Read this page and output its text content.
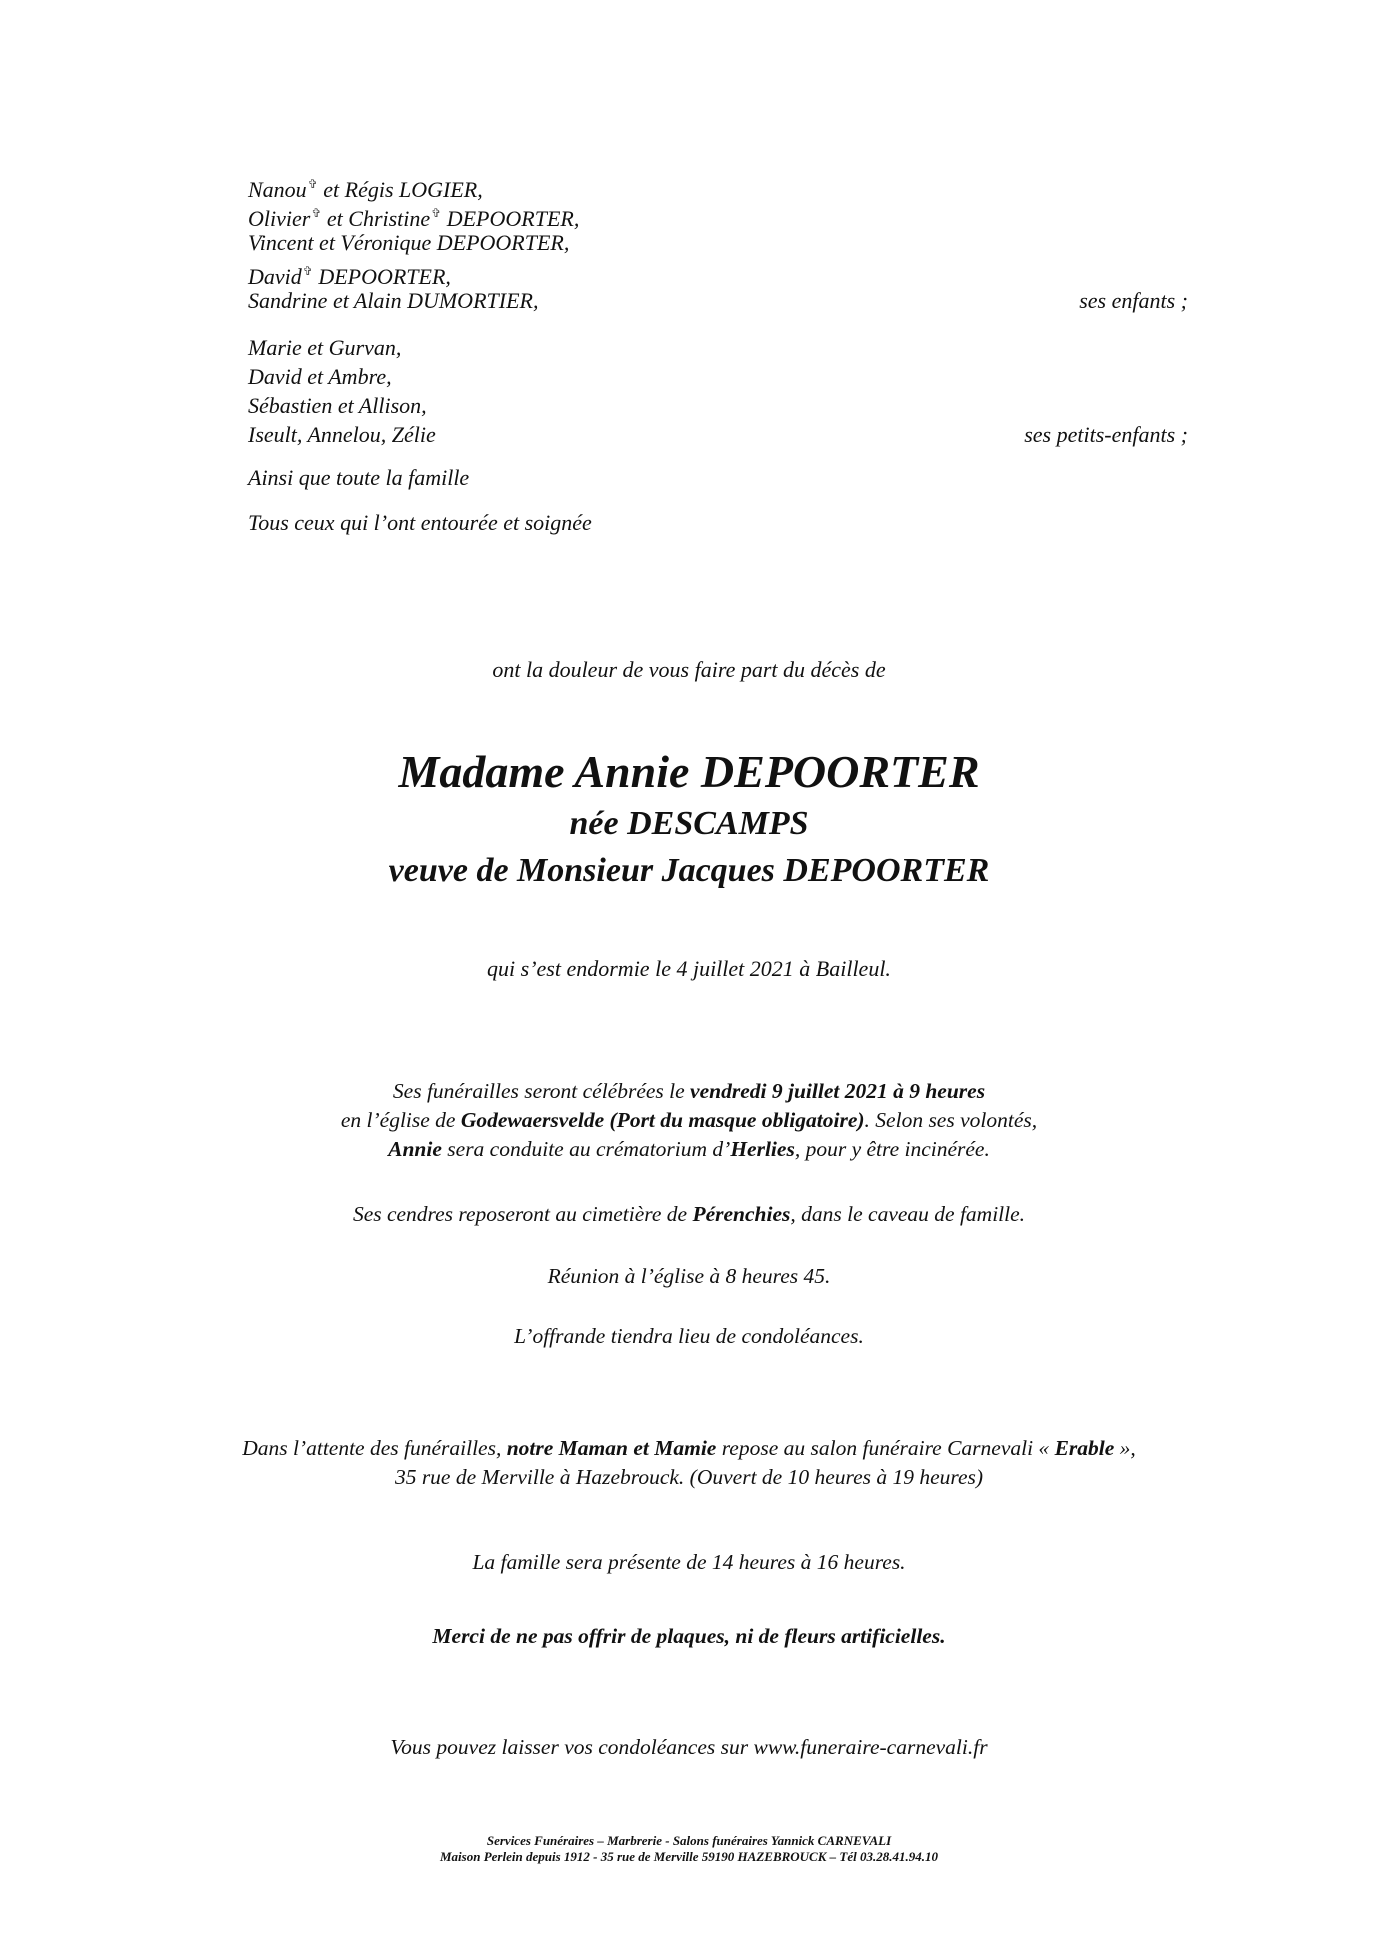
Nanou✞ et Régis LOGIER,
Olivier✞ et Christine✞ DEPOORTER,
Vincent et Véronique DEPOORTER,
David✞ DEPOORTER,
Sandrine et Alain DUMORTIER,	ses enfants ;
Marie et Gurvan,
David et Ambre,
Sébastien et Allison,
Iseult, Annelou, Zélie	ses petits-enfants ;
Ainsi que toute la famille
Tous ceux qui l’ont entourée et soignée
ont la douleur de vous faire part du décès de
Madame Annie DEPOORTER
née DESCAMPS
veuve de Monsieur Jacques DEPOORTER
qui s’est endormie le 4 juillet 2021 à Bailleul.
Ses funérailles seront célébrées le vendredi 9 juillet 2021 à 9 heures
en l’église de Godewaersvelde (Port du masque obligatoire). Selon ses volontés,
Annie sera conduite au crématorium d’Herlies, pour y être incinérée.
Ses cendres reposeront au cimetière de Pérenchies, dans le caveau de famille.
Réunion à l’église à 8 heures 45.
L’offrande tiendra lieu de condoléances.
Dans l’attente des funérailles, notre Maman et Mamie repose au salon funéraire Carnevali « Erable »,
35 rue de Merville à Hazebrouck. (Ouvert de 10 heures à 19 heures)
La famille sera présente de 14 heures à 16 heures.
Merci de ne pas offrir de plaques, ni de fleurs artificielles.
Vous pouvez laisser vos condoléances sur www.funeraire-carnevali.fr
Services Funéraires – Marbrerie - Salons funéraires Yannick CARNEVALI
Maison Perlein depuis 1912 - 35 rue de Merville 59190 HAZEBROUCK – Tél 03.28.41.94.10
